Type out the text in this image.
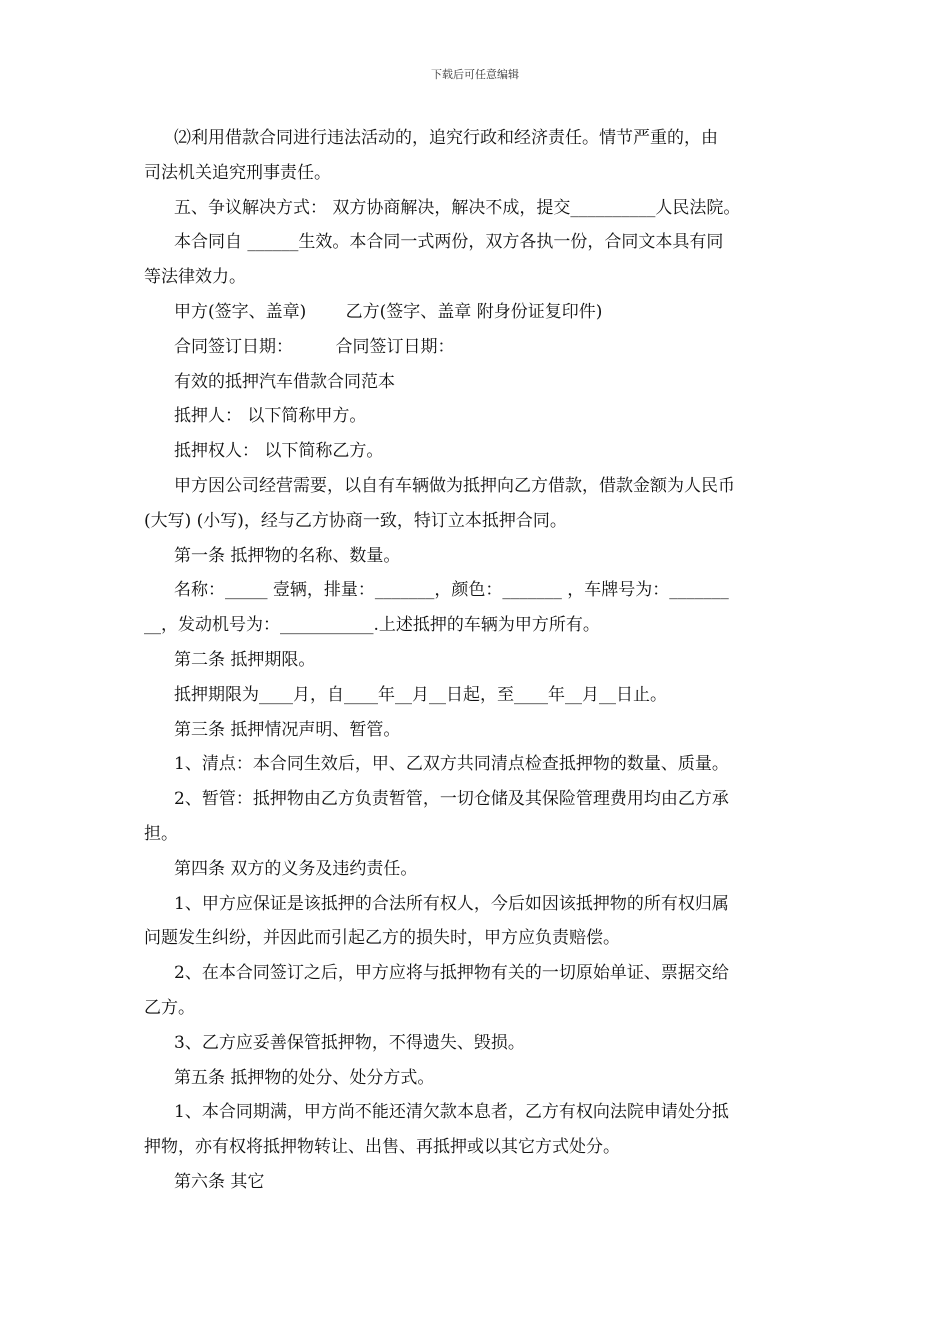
下载后可任意编辑

⑵利用借款合同进行违法活动的，追究行政和经济责任。情节严重的，由

司法机关追究刑事责任。

五、争议解决方式： 双方协商解决，解决不成，提交__________人民法院。

本合同自 ______生效。本合同一式两份，双方各执一份，合同文本具有同

等法律效力。

甲方(签字、盖章)　　 乙方(签字、盖章 附身份证复印件)

合同签订日期：　　　合同签订日期：

有效的抵押汽车借款合同范本

抵押人： 以下简称甲方。

抵押权人： 以下简称乙方。

甲方因公司经营需要，以自有车辆做为抵押向乙方借款，借款金额为人民币

(大写) (小写)，经与乙方协商一致，特订立本抵押合同。

第一条 抵押物的名称、数量。

名称：_____ 壹辆，排量：_______，颜色：_______ ，车牌号为：_______

__，发动机号为：___________.上述抵押的车辆为甲方所有。

第二条 抵押期限。

抵押期限为____月，自____年__月__日起，至____年__月__日止。

第三条 抵押情况声明、暂管。

1、清点：本合同生效后，甲、乙双方共同清点检查抵押物的数量、质量。

2、暂管：抵押物由乙方负责暂管，一切仓储及其保险管理费用均由乙方承

担。

第四条 双方的义务及违约责任。

1、甲方应保证是该抵押的合法所有权人，今后如因该抵押物的所有权归属

问题发生纠纷，并因此而引起乙方的损失时，甲方应负责赔偿。

2、在本合同签订之后，甲方应将与抵押物有关的一切原始单证、票据交给

乙方。

3、乙方应妥善保管抵押物，不得遗失、毁损。

第五条 抵押物的处分、处分方式。

1、本合同期满，甲方尚不能还清欠款本息者，乙方有权向法院申请处分抵

押物，亦有权将抵押物转让、出售、再抵押或以其它方式处分。

第六条 其它
